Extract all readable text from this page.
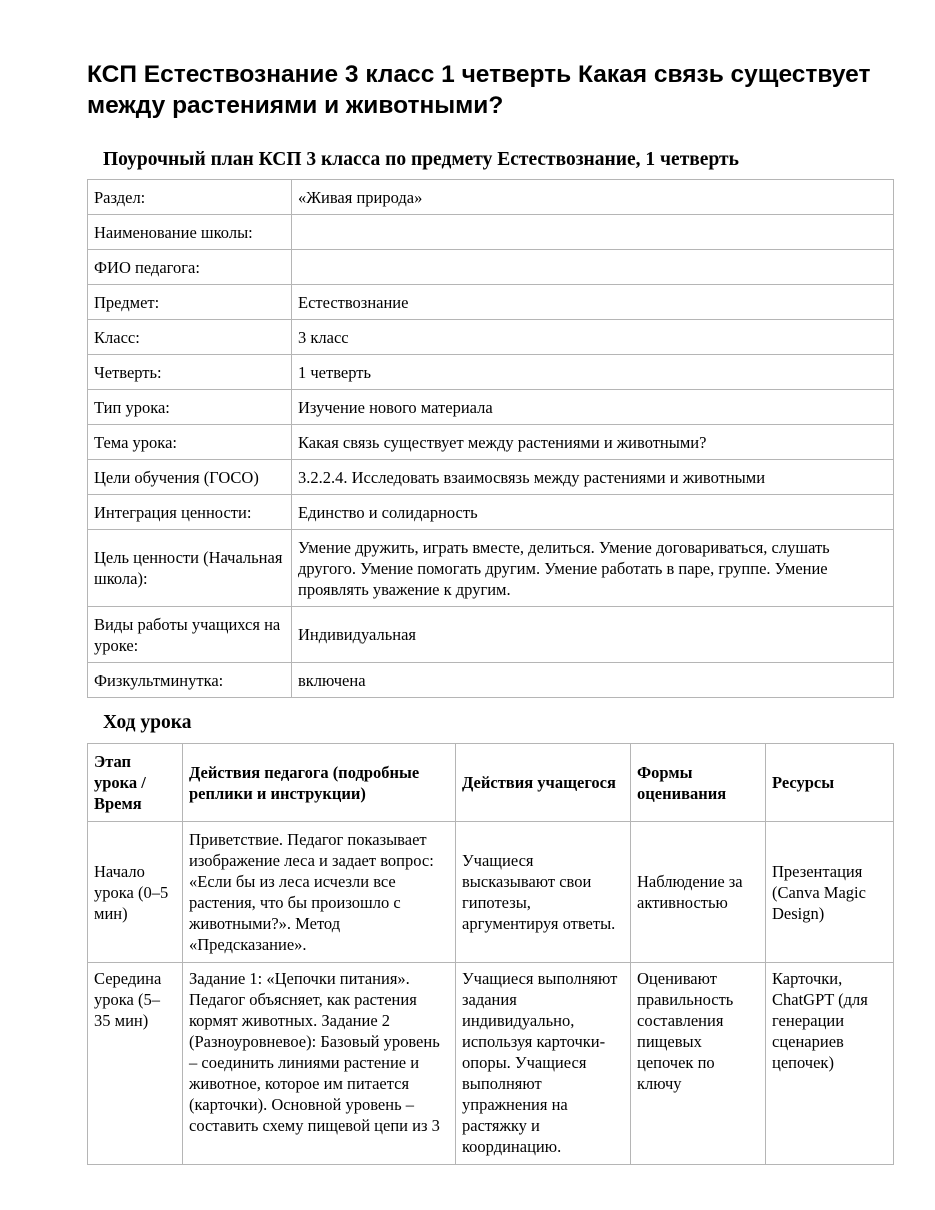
КСП Естествознание 3 класс 1 четверть Какая связь существует между растениями и животными?
Поурочный план КСП 3 класса по предмету Естествознание, 1 четверть
Раздел:	«Живая природа»
Наименование школы:	
ФИО педагога:	
Предмет:	Естествознание
Класс:	3 класс
Четверть:	1 четверть
Тип урока:	Изучение нового материала
Тема урока:	Какая связь существует между растениями и животными?
Цели обучения (ГОСО)	3.2.2.4. Исследовать взаимосвязь между растениями и животными
Интеграция ценности:	Единство и солидарность
Цель ценности (Начальная школа):	Умение дружить, играть вместе, делиться. Умение договариваться, слушать другого. Умение помогать другим. Умение работать в паре, группе. Умение проявлять уважение к другим.
Виды работы учащихся на уроке:	Индивидуальная
Физкультминутка:	включена
Ход урока
Этап урока / Время	Действия педагога (подробные реплики и инструкции)	Действия учащегося	Формы оценивания	Ресурсы
Начало урока (0–5 мин)	Приветствие. Педагог показывает изображение леса и задает вопрос: «Если бы из леса исчезли все растения, что бы произошло с животными?». Метод «Предсказание».	Учащиеся высказывают свои гипотезы, аргументируя ответы.	Наблюдение за активностью	Презентация (Canva Magic Design)
Середина урока (5–35 мин)	Задание 1: «Цепочки питания». Педагог объясняет, как растения кормят животных. Задание 2 (Разноуровневое): Базовый уровень – соединить линиями растение и животное, которое им питается (карточки). Основной уровень – составить схему пищевой цепи из 3	Учащиеся выполняют задания индивидуально, используя карточки-опоры. Учащиеся выполняют упражнения на растяжку и координацию.	Оценивают правильность составления пищевых цепочек по ключу	Карточки, ChatGPT (для генерации сценариев цепочек)
